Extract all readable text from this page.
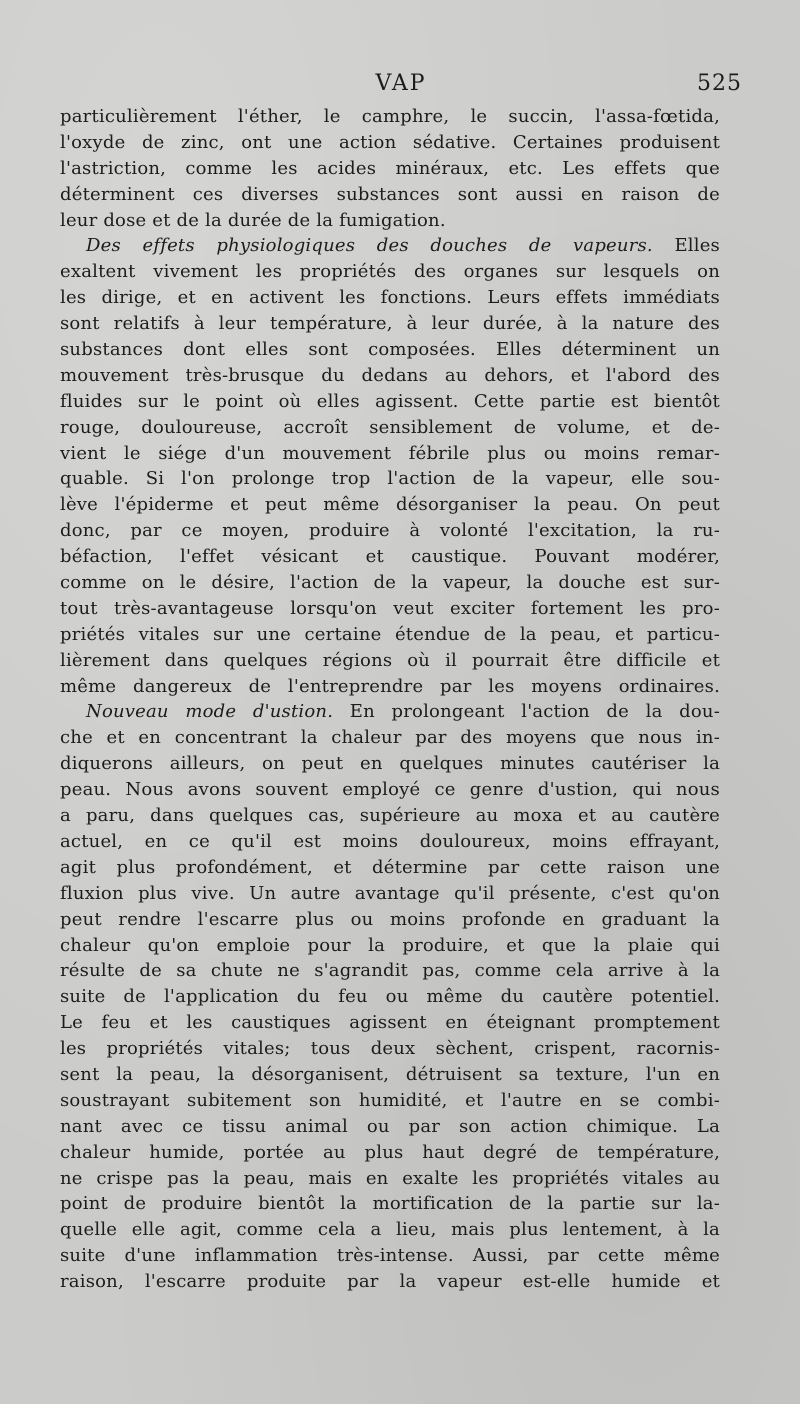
VAP	525
particulièrement l'éther, le camphre, le succin, l'assa-fœtida,
l'oxyde de zinc, ont une action sédative. Certaines produisent
l'astriction, comme les acides minéraux, etc. Les effets que
déterminent ces diverses substances sont aussi en raison de
leur dose et de la durée de la fumigation.
Des effets physiologiques des douches de vapeurs. Elles
exaltent vivement les propriétés des organes sur lesquels on
les dirige, et en activent les fonctions. Leurs effets immédiats
sont relatifs à leur température, à leur durée, à la nature des
substances dont elles sont composées. Elles déterminent un
mouvement très-brusque du dedans au dehors, et l'abord des
fluides sur le point où elles agissent. Cette partie est bientôt
rouge, douloureuse, accroît sensiblement de volume, et de-
vient le siége d'un mouvement fébrile plus ou moins remar-
quable. Si l'on prolonge trop l'action de la vapeur, elle sou-
lève l'épiderme et peut même désorganiser la peau. On peut
donc, par ce moyen, produire à volonté l'excitation, la ru-
béfaction, l'effet vésicant et caustique. Pouvant modérer,
comme on le désire, l'action de la vapeur, la douche est sur-
tout très-avantageuse lorsqu'on veut exciter fortement les pro-
priétés vitales sur une certaine étendue de la peau, et particu-
lièrement dans quelques régions où il pourrait être difficile et
même dangereux de l'entreprendre par les moyens ordinaires.
Nouveau mode d'ustion. En prolongeant l'action de la dou-
che et en concentrant la chaleur par des moyens que nous in-
diquerons ailleurs, on peut en quelques minutes cautériser la
peau. Nous avons souvent employé ce genre d'ustion, qui nous
a paru, dans quelques cas, supérieure au moxa et au cautère
actuel, en ce qu'il est moins douloureux, moins effrayant,
agit plus profondément, et détermine par cette raison une
fluxion plus vive. Un autre avantage qu'il présente, c'est qu'on
peut rendre l'escarre plus ou moins profonde en graduant la
chaleur qu'on emploie pour la produire, et que la plaie qui
résulte de sa chute ne s'agrandit pas, comme cela arrive à la
suite de l'application du feu ou même du cautère potentiel.
Le feu et les caustiques agissent en éteignant promptement
les propriétés vitales; tous deux sèchent, crispent, racornis-
sent la peau, la désorganisent, détruisent sa texture, l'un en
soustrayant subitement son humidité, et l'autre en se combi-
nant avec ce tissu animal ou par son action chimique. La
chaleur humide, portée au plus haut degré de température,
ne crispe pas la peau, mais en exalte les propriétés vitales au
point de produire bientôt la mortification de la partie sur la-
quelle elle agit, comme cela a lieu, mais plus lentement, à la
suite d'une inflammation très-intense. Aussi, par cette même
raison, l'escarre produite par la vapeur est-elle humide et
